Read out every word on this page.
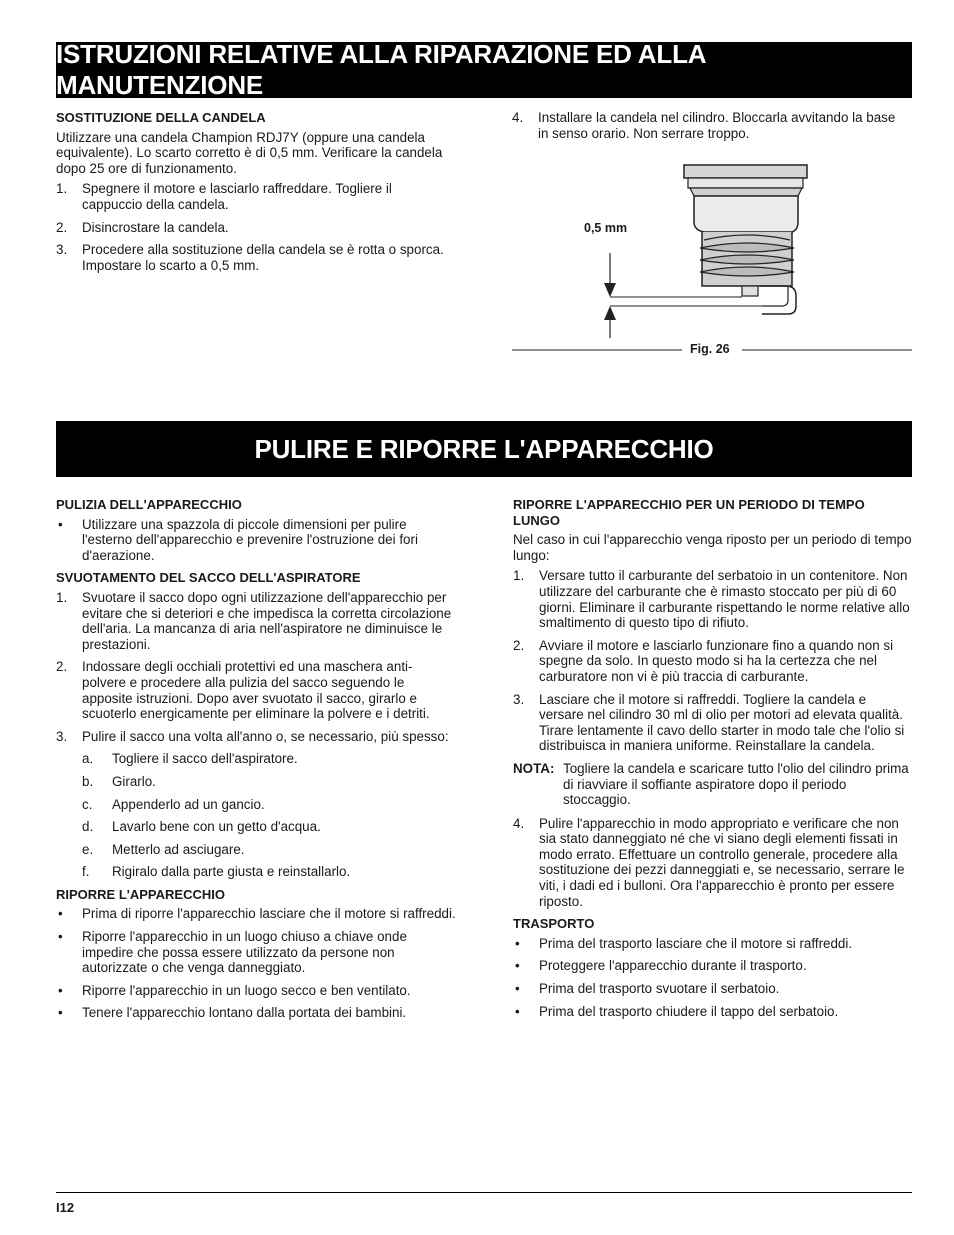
ISTRUZIONI RELATIVE ALLA RIPARAZIONE ED ALLA MANUTENZIONE
SOSTITUZIONE DELLA CANDELA
Utilizzare una candela Champion RDJ7Y (oppure una candela equivalente). Lo scarto corretto è di 0,5 mm. Verificare la candela dopo 25 ore di funzionamento.
1.	Spegnere il motore e lasciarlo raffreddare. Togliere il cappuccio della candela.
2.	Disincrostare la candela.
3.	Procedere alla sostituzione della candela se è rotta o sporca. Impostare lo scarto a 0,5 mm.
4.	Installare la candela nel cilindro. Bloccarla avvitando la base in senso orario. Non serrare troppo.
0,5 mm
Fig. 26
PULIRE E RIPORRE L'APPARECCHIO
PULIZIA DELL'APPARECCHIO
•	Utilizzare una spazzola di piccole dimensioni per pulire l'esterno dell'apparecchio e prevenire l'ostruzione dei fori d'aerazione.
SVUOTAMENTO DEL SACCO DELL'ASPIRATORE
1.	Svuotare il sacco dopo ogni utilizzazione dell'apparecchio per evitare che si deteriori e che impedisca la corretta circolazione dell'aria. La mancanza di aria nell'aspiratore ne diminuisce le prestazioni.
2.	Indossare degli occhiali protettivi ed una maschera anti-polvere e procedere alla pulizia del sacco seguendo le apposite istruzioni. Dopo aver svuotato il sacco, girarlo e scuoterlo energicamente per eliminare la polvere e i detriti.
3.	Pulire il sacco una volta all'anno o, se necessario, più spesso:
a.	Togliere il sacco dell'aspiratore.
b.	Girarlo.
c.	Appenderlo ad un gancio.
d.	Lavarlo bene con un getto d'acqua.
e.	Metterlo ad asciugare.
f.	Rigiralo dalla parte giusta e reinstallarlo.
RIPORRE L'APPARECCHIO
•	Prima di riporre l'apparecchio lasciare che il motore si raffreddi.
•	Riporre l'apparecchio in un luogo chiuso a chiave onde impedire che possa essere utilizzato da persone non autorizzate o che venga danneggiato.
•	Riporre l'apparecchio in un luogo secco e ben ventilato.
•	Tenere l'apparecchio lontano dalla portata dei bambini.
RIPORRE L'APPARECCHIO PER UN PERIODO DI TEMPO LUNGO
Nel caso in cui l'apparecchio venga riposto per un periodo di tempo lungo:
1.	Versare tutto il carburante del serbatoio in un contenitore. Non utilizzare del carburante che è rimasto stoccato per più di 60 giorni. Eliminare il carburante rispettando le norme relative allo smaltimento di questo tipo di rifiuto.
2.	Avviare il motore e lasciarlo funzionare fino a quando non si spegne da solo. In questo modo si ha la certezza che nel carburatore non vi è più traccia di carburante.
3.	Lasciare che il motore si raffreddi. Togliere la candela e versare nel cilindro 30 ml di olio per motori ad elevata qualità. Tirare lentamente il cavo dello starter in modo tale che l'olio si distribuisca in maniera uniforme. Reinstallare la candela.
NOTA: Togliere la candela e scaricare tutto l'olio del cilindro prima di riavviare il soffiante aspiratore dopo il periodo stoccaggio.
4.	Pulire l'apparecchio in modo appropriato e verificare che non sia stato danneggiato né che vi siano degli elementi fissati in modo errato. Effettuare un controllo generale, procedere alla sostituzione dei pezzi danneggiati e, se necessario, serrare le viti, i dadi ed i bulloni. Ora l'apparecchio è pronto per essere riposto.
TRASPORTO
•	Prima del trasporto lasciare che il motore si raffreddi.
•	Proteggere l'apparecchio durante il trasporto.
•	Prima del trasporto svuotare il serbatoio.
•	Prima del trasporto chiudere il tappo del serbatoio.
I12
